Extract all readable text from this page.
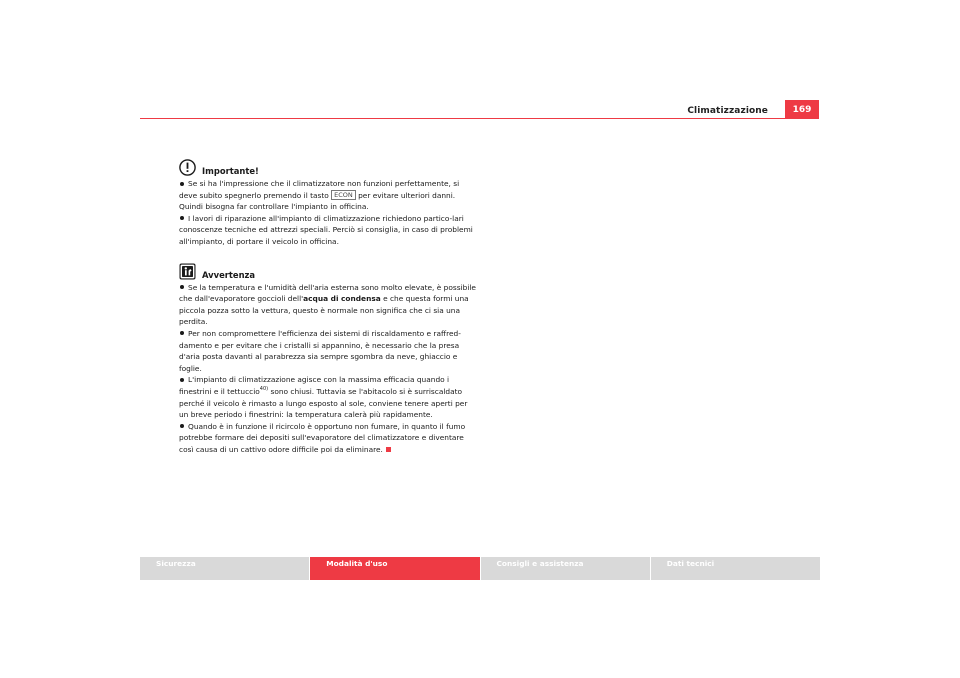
Climatizzazione	169
Importante!

Se si ha l'impressione che il climatizzatore non funzioni perfettamente, si deve subito spegnerlo premendo il tasto ECON per evitare ulteriori danni. Quindi bisogna far controllare l'impianto in officina.

I lavori di riparazione all'impianto di climatizzazione richiedono partico-lari conoscenze tecniche ed attrezzi speciali. Perciò si consiglia, in caso di problemi all'impianto, di portare il veicolo in officina.

Avvertenza

Se la temperatura e l'umidità dell'aria esterna sono molto elevate, è possibile che dall'evaporatore goccioli dell'acqua di condensa e che questa formi una piccola pozza sotto la vettura, questo è normale non significa che ci sia una perdita.

Per non compromettere l'efficienza dei sistemi di riscaldamento e raffred-damento e per evitare che i cristalli si appannino, è necessario che la presa d'aria posta davanti al parabrezza sia sempre sgombra da neve, ghiaccio e foglie.

L'impianto di climatizzazione agisce con la massima efficacia quando i finestrini e il tettuccio$^{40)}$ sono chiusi. Tuttavia se l'abitacolo si è surriscaldato perché il veicolo è rimasto a lungo esposto al sole, conviene tenere aperti per un breve periodo i finestrini: la temperatura calerà più rapidamente.

Quando è in funzione il ricircolo è opportuno non fumare, in quanto il fumo potrebbe formare dei depositi sull'evaporatore del climatizzatore e diventare così causa di un cattivo odore difficile poi da eliminare.

Sicurezza	Modalità d'uso	Consigli e assistenza	Dati tecnici
